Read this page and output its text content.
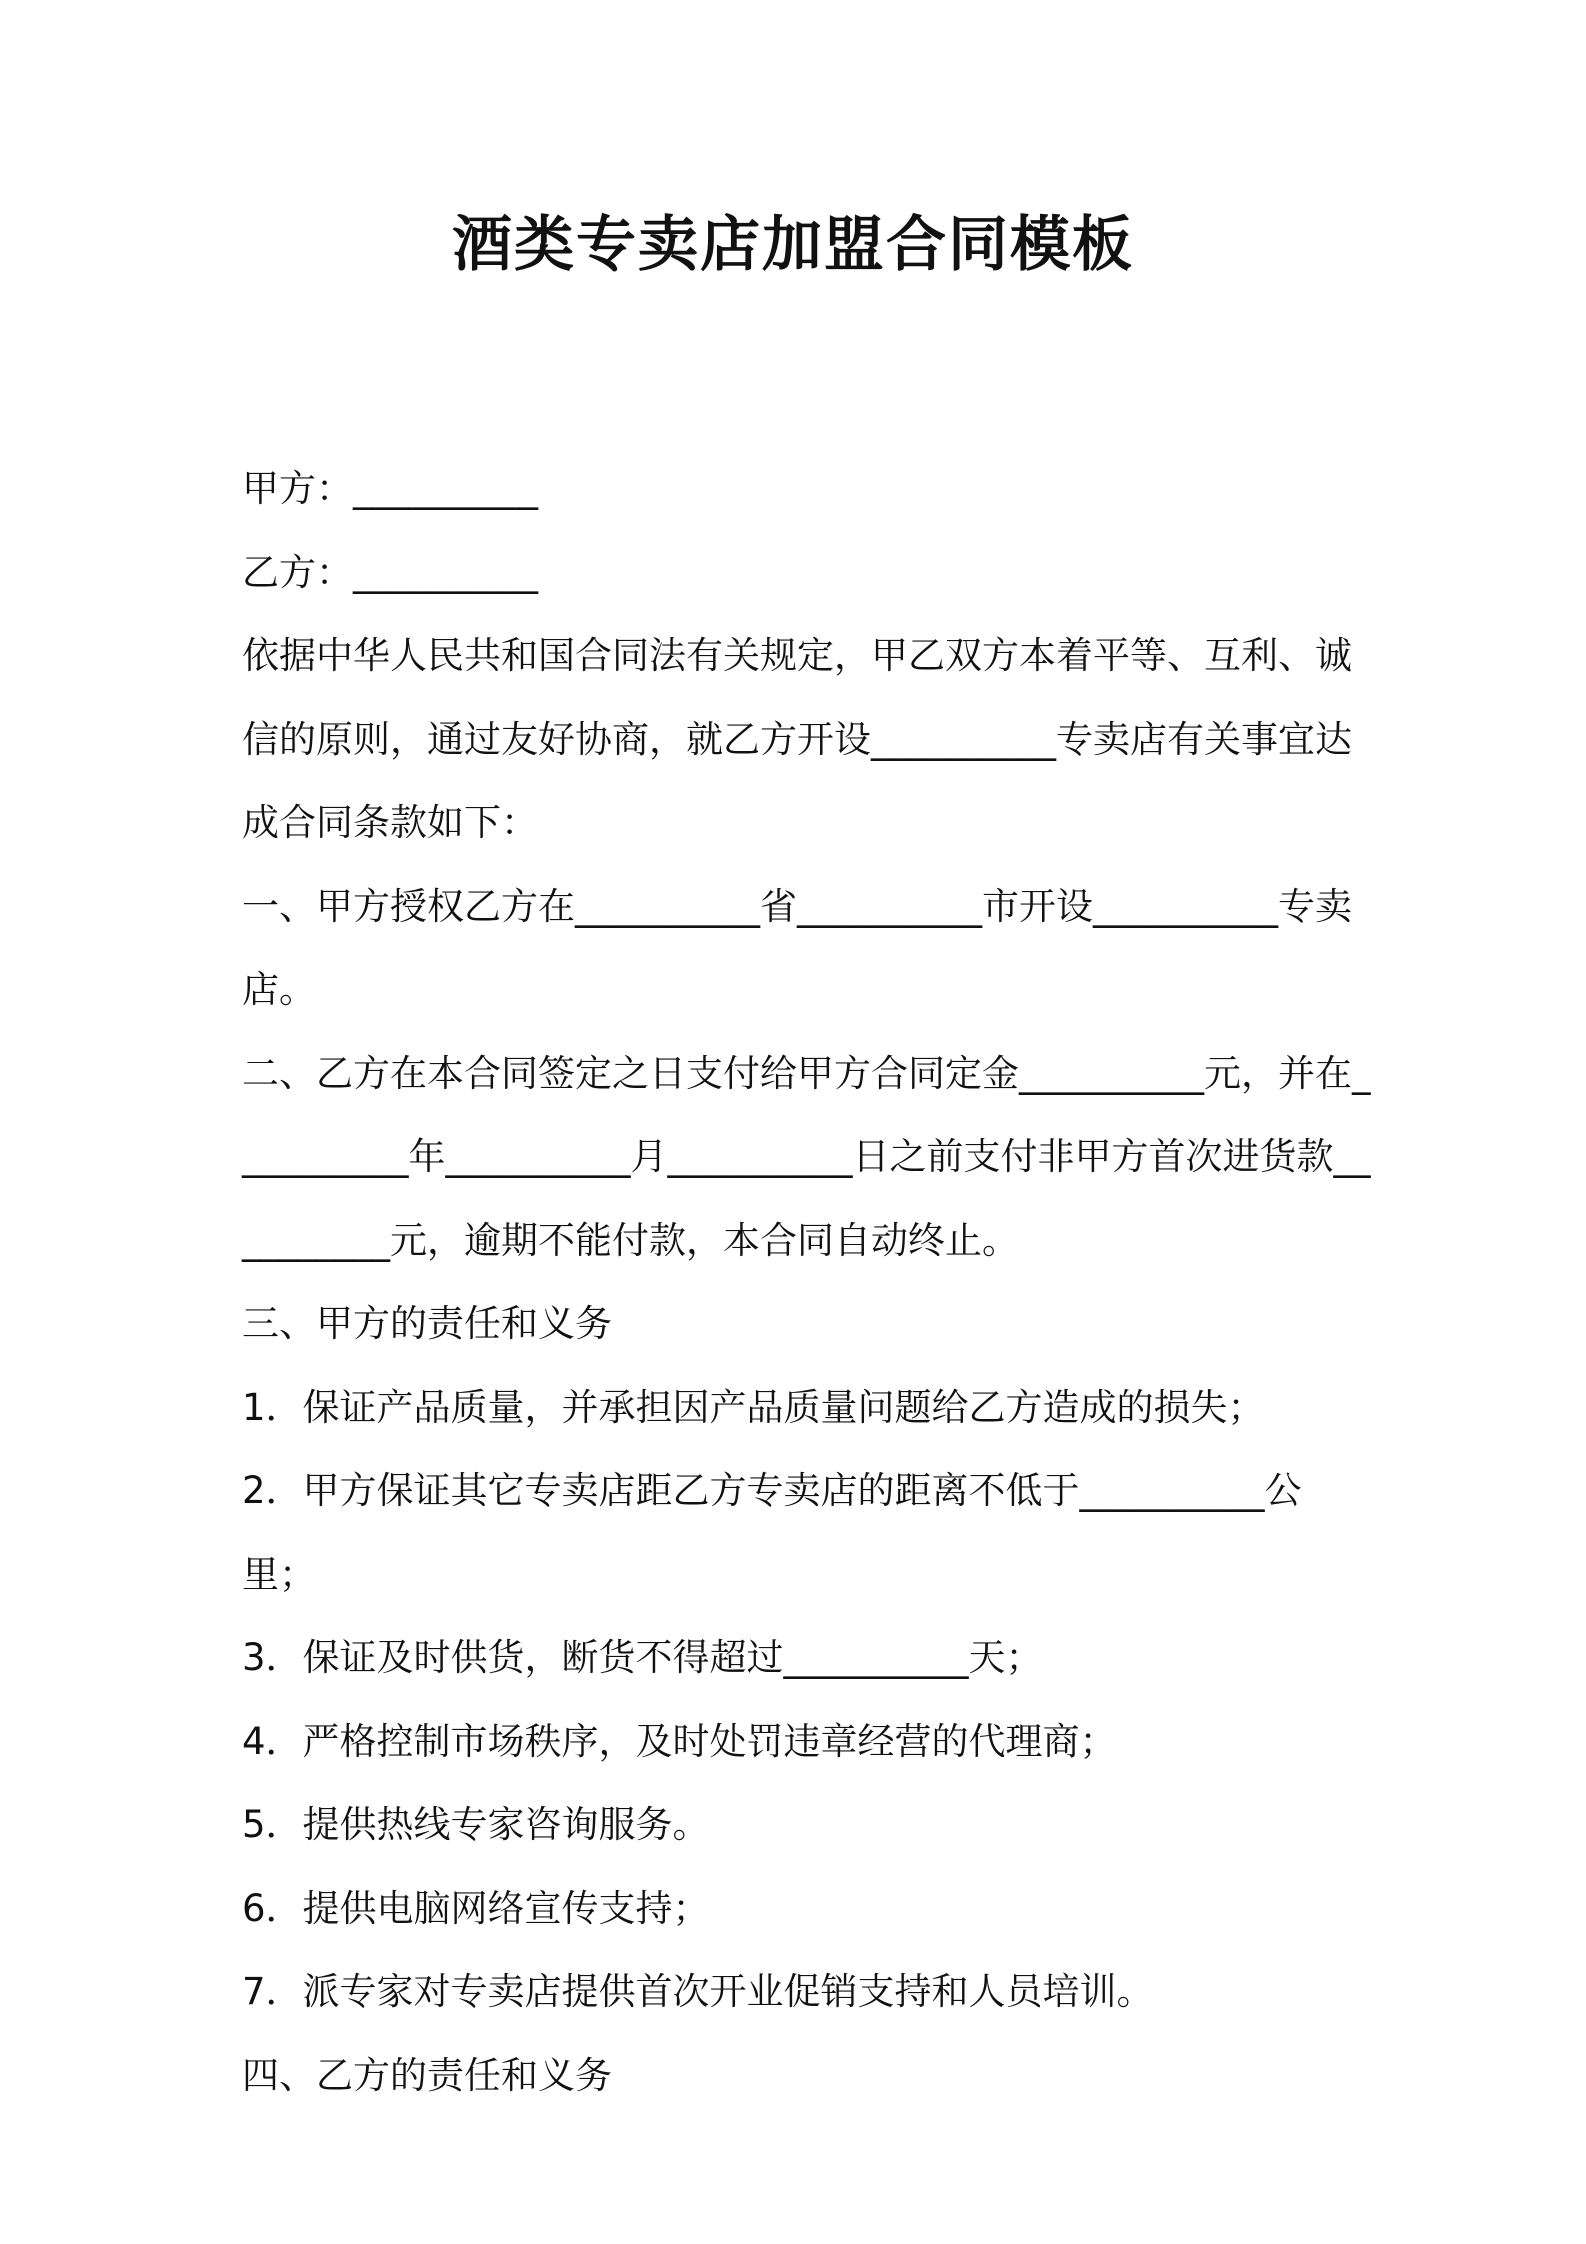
酒类专卖店加盟合同模板

甲方：__________

乙方：__________

依据中华人民共和国合同法有关规定，甲乙双方本着平等、互利、诚信的原则，通过友好协商，就乙方开设__________专卖店有关事宜达成合同条款如下：

一、甲方授权乙方在__________省__________市开设__________专卖店。

二、乙方在本合同签定之日支付给甲方合同定金__________元，并在__________年__________月__________日之前支付非甲方首次进货款__________元，逾期不能付款，本合同自动终止。

三、甲方的责任和义务

1．保证产品质量，并承担因产品质量问题给乙方造成的损失；

2．甲方保证其它专卖店距乙方专卖店的距离不低于__________公里；

3．保证及时供货，断货不得超过__________天；

4．严格控制市场秩序，及时处罚违章经营的代理商；

5．提供热线专家咨询服务。

6．提供电脑网络宣传支持；

7．派专家对专卖店提供首次开业促销支持和人员培训。

四、乙方的责任和义务
